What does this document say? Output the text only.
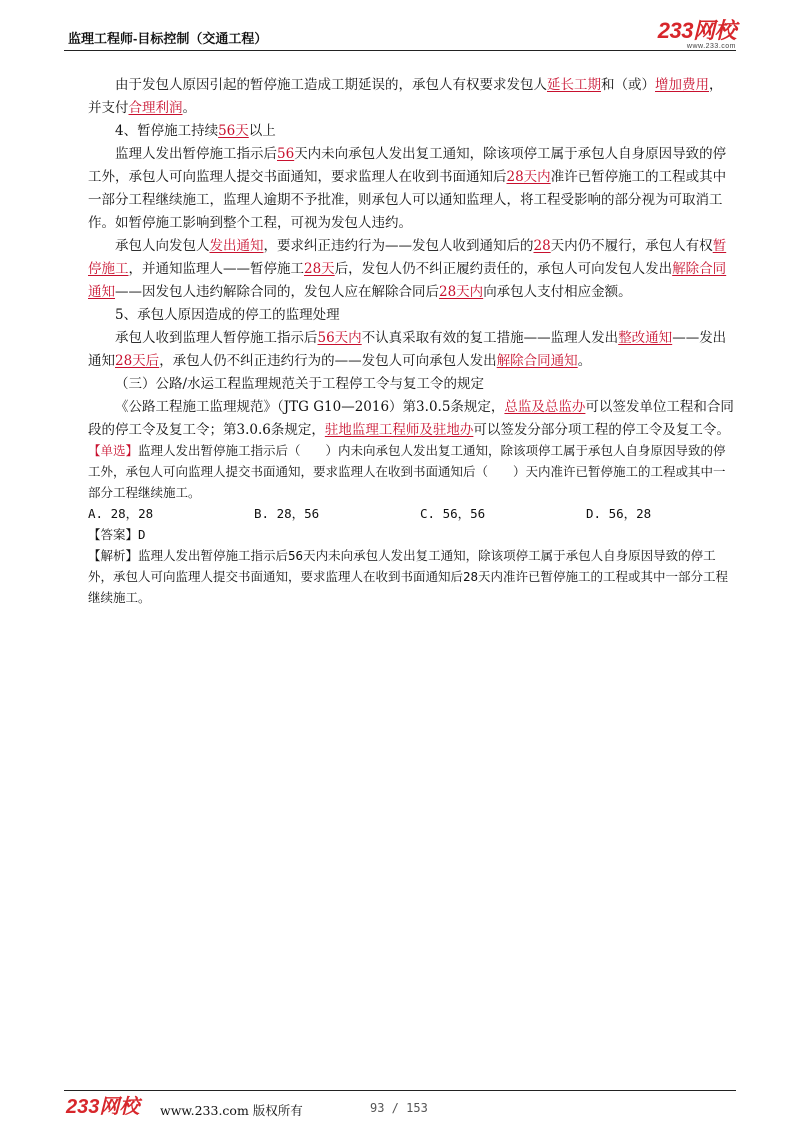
监理工程师-目标控制（交通工程）	233网校
www.233.com

由于发包人原因引起的暂停施工造成工期延误的，承包人有权要求发包人延长工期和（或）增加费用，并支付合理利润。

4、暂停施工持续56天以上

监理人发出暂停施工指示后56天内未向承包人发出复工通知，除该项停工属于承包人自身原因导致的停工外，承包人可向监理人提交书面通知，要求监理人在收到书面通知后28天内准许已暂停施工的工程或其中一部分工程继续施工，监理人逾期不予批准，则承包人可以通知监理人，将工程受影响的部分视为可取消工作。如暂停施工影响到整个工程，可视为发包人违约。

承包人向发包人发出通知，要求纠正违约行为——发包人收到通知后的28天内仍不履行，承包人有权暂停施工，并通知监理人——暂停施工28天后，发包人仍不纠正履约责任的，承包人可向发包人发出解除合同通知——因发包人违约解除合同的，发包人应在解除合同后28天内向承包人支付相应金额。

5、承包人原因造成的停工的监理处理

承包人收到监理人暂停施工指示后56天内不认真采取有效的复工措施——监理人发出整改通知——发出通知28天后，承包人仍不纠正违约行为的——发包人可向承包人发出解除合同通知。

（三）公路/水运工程监理规范关于工程停工令与复工令的规定

《公路工程施工监理规范》（JTG G10—2016）第3.0.5条规定，总监及总监办可以签发单位工程和合同段的停工令及复工令；第3.0.6条规定，驻地监理工程师及驻地办可以签发分部分项工程的停工令及复工令。

【单选】监理人发出暂停施工指示后（　　）内未向承包人发出复工通知，除该项停工属于承包人自身原因导致的停工外，承包人可向监理人提交书面通知，要求监理人在收到书面通知后（　　）天内准许已暂停施工的工程或其中一部分工程继续施工。

A. 28，28	B. 28，56	C. 56，56	D. 56，28

【答案】D

【解析】监理人发出暂停施工指示后56天内未向承包人发出复工通知，除该项停工属于承包人自身原因导致的停工外，承包人可向监理人提交书面通知，要求监理人在收到书面通知后28天内准许已暂停施工的工程或其中一部分工程继续施工。

233网校 www.233.com 版权所有	93 / 153
